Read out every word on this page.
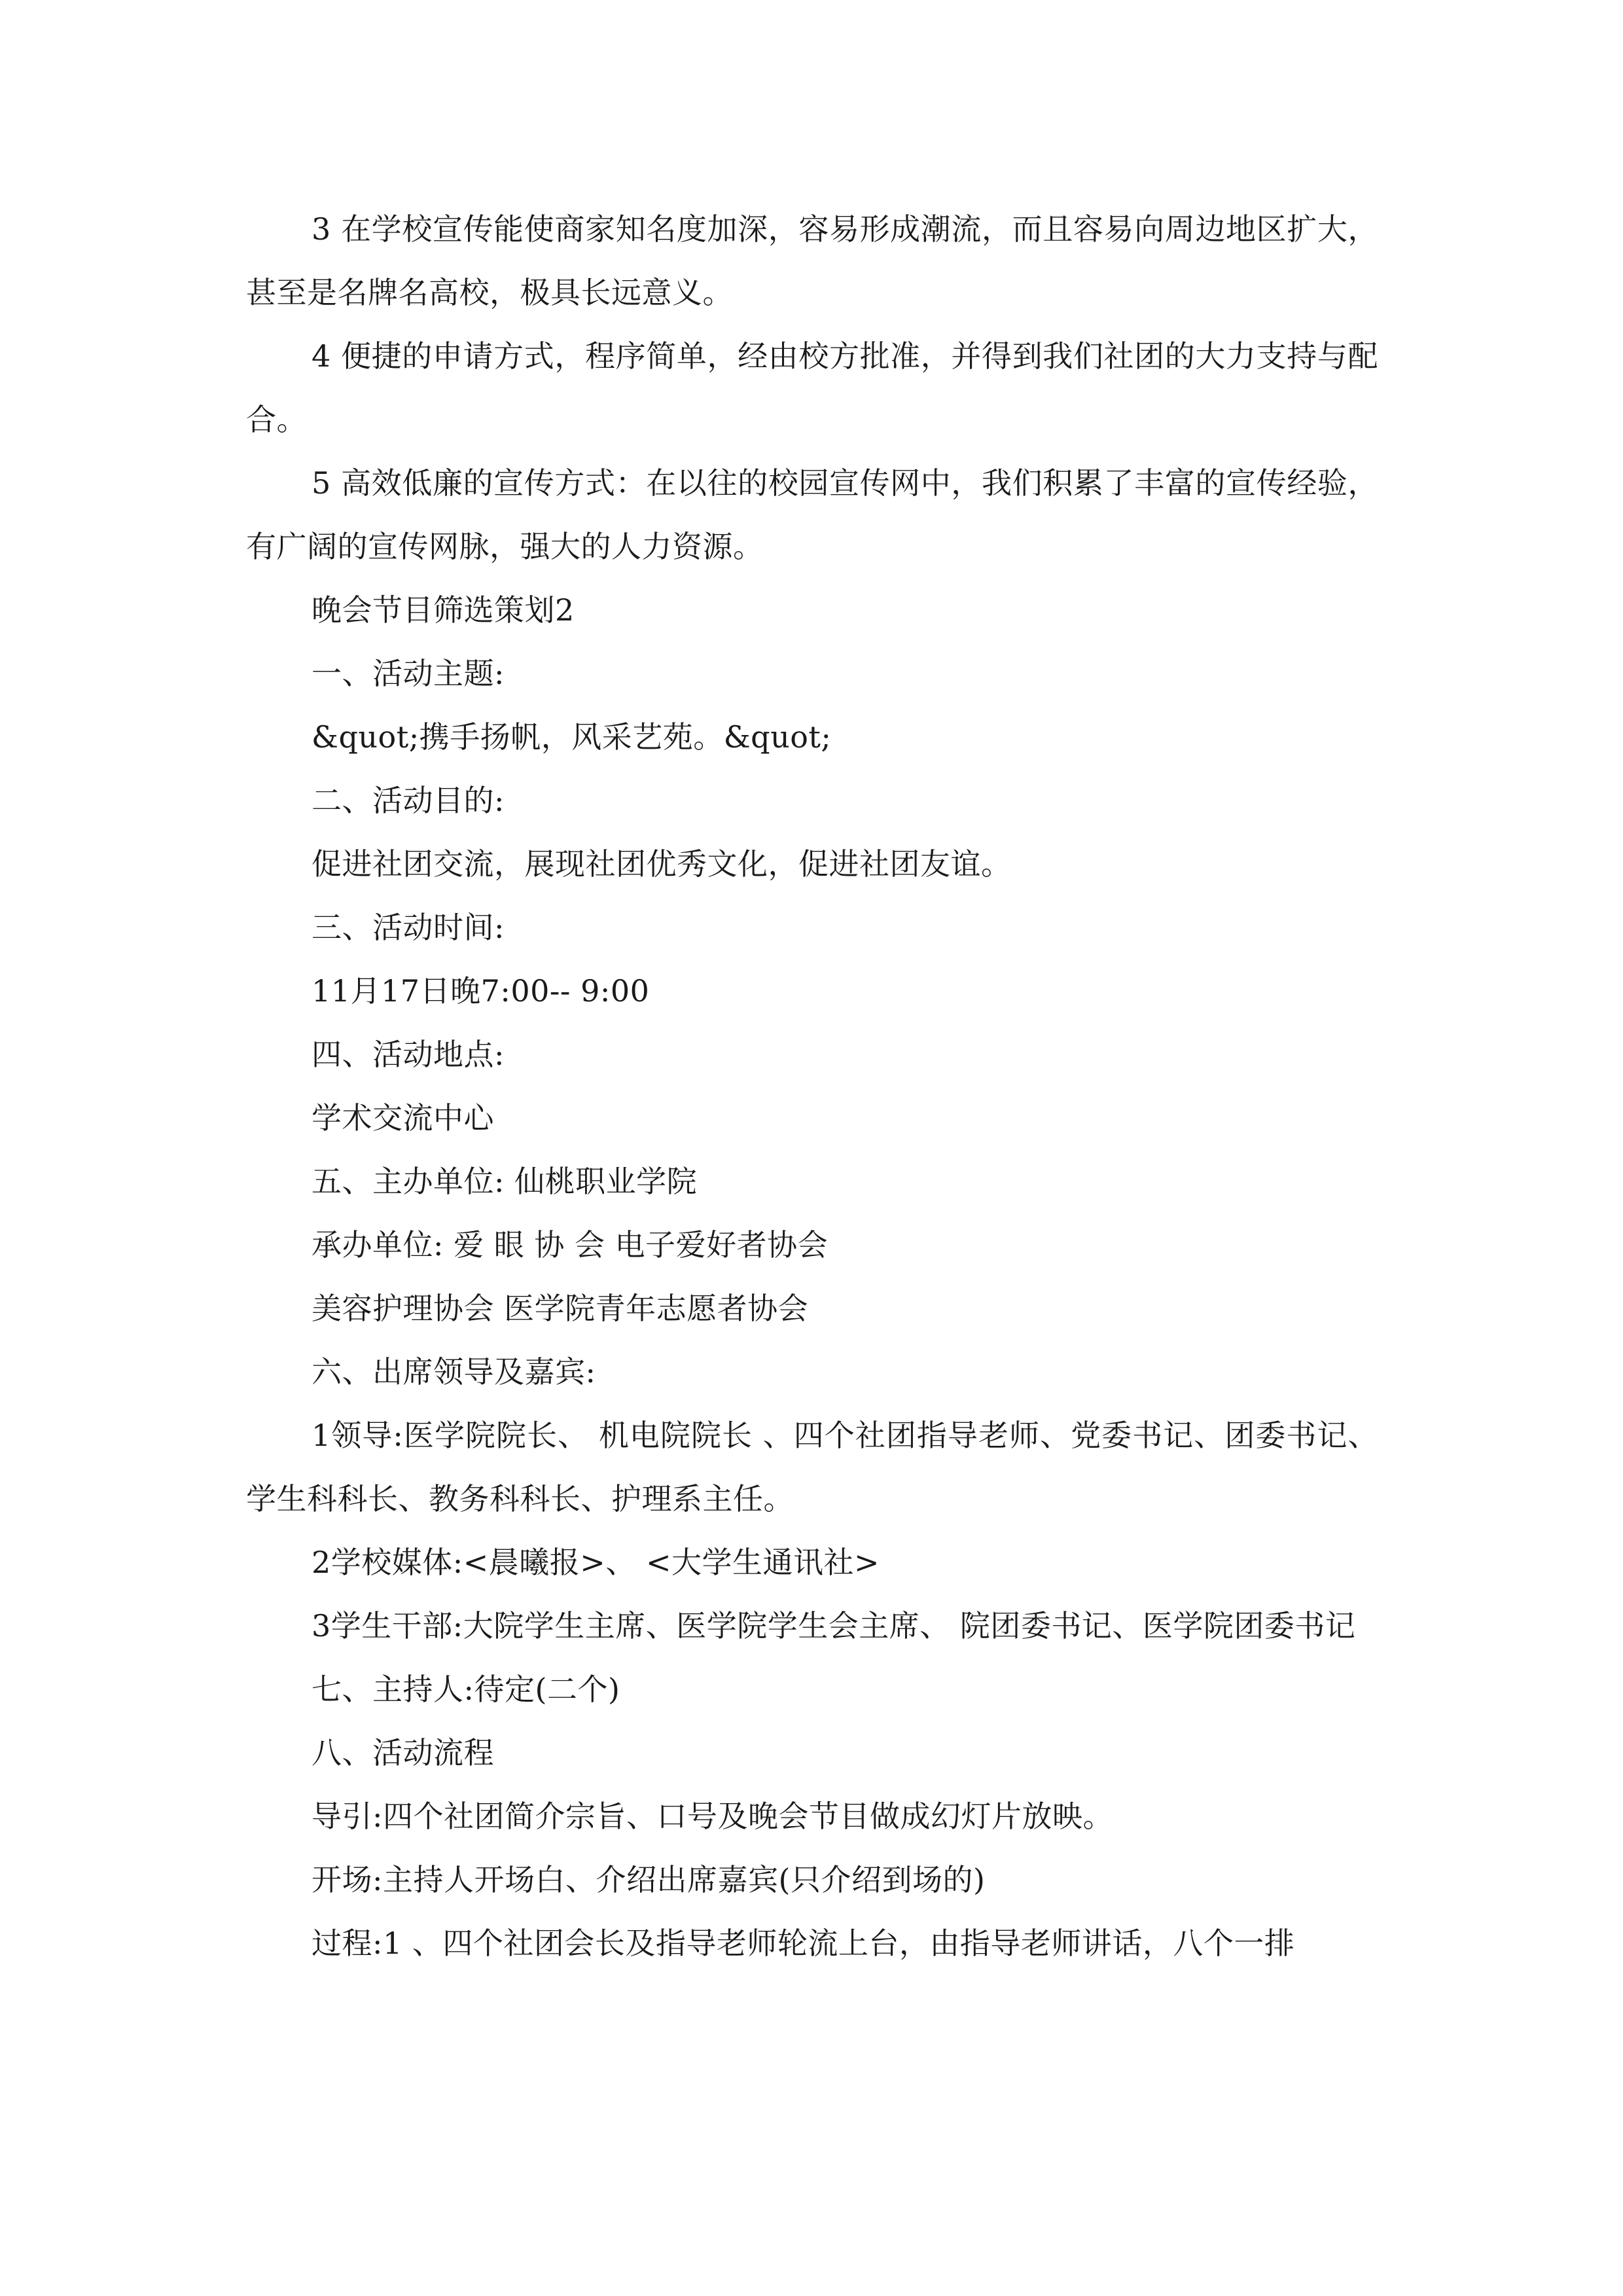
3 在学校宣传能使商家知名度加深，容易形成潮流，而且容易向周边地区扩大，甚至是名牌名高校，极具长远意义。

4 便捷的申请方式，程序简单，经由校方批准，并得到我们社团的大力支持与配合。

5 高效低廉的宣传方式：在以往的校园宣传网中，我们积累了丰富的宣传经验，有广阔的宣传网脉，强大的人力资源。

晚会节目筛选策划2

一、活动主题:

&quot;携手扬帆，风采艺苑。&quot;

二、活动目的:

促进社团交流，展现社团优秀文化，促进社团友谊。

三、活动时间:

11月17日晚7:00-- 9:00

四、活动地点:

学术交流中心

五、主办单位: 仙桃职业学院

承办单位: 爱 眼 协 会 电子爱好者协会

美容护理协会 医学院青年志愿者协会

六、出席领导及嘉宾:

1领导:医学院院长、 机电院院长 、四个社团指导老师、党委书记、团委书记、学生科科长、教务科科长、护理系主任。

2学校媒体:<晨曦报>、 <大学生通讯社>

3学生干部:大院学生主席、医学院学生会主席、 院团委书记、医学院团委书记

七、主持人:待定(二个)

八、活动流程

导引:四个社团简介宗旨、口号及晚会节目做成幻灯片放映。

开场:主持人开场白、介绍出席嘉宾(只介绍到场的)

过程:1 、四个社团会长及指导老师轮流上台，由指导老师讲话，八个一排
